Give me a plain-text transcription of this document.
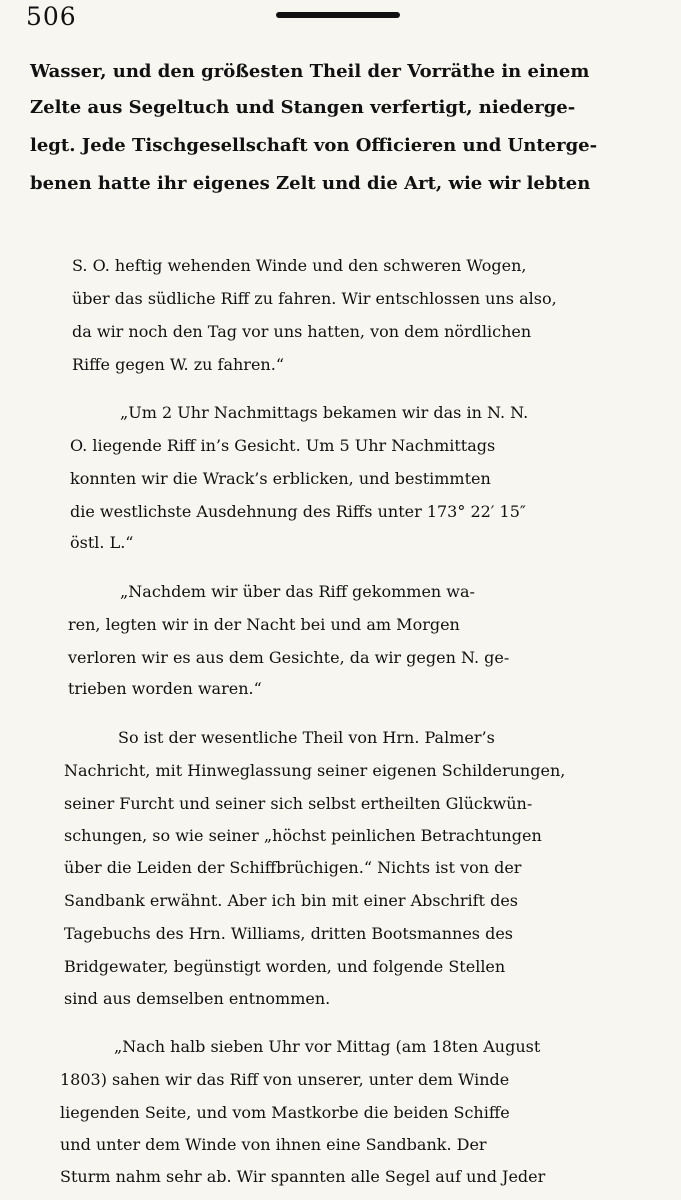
506
Wasser, und den größesten Theil der Vorräthe in einem
Zelte aus Segeltuch und Stangen verfertigt, niederge-
legt. Jede Tischgesellschaft von Officieren und Unterge-
benen hatte ihr eigenes Zelt und die Art, wie wir lebten
S. O. heftig wehenden Winde und den schweren Wogen,
über das südliche Riff zu fahren. Wir entschlossen uns also,
da wir noch den Tag vor uns hatten, von dem nördlichen
Riffe gegen W. zu fahren.“
„Um 2 Uhr Nachmittags bekamen wir das in N. N.
O. liegende Riff in’s Gesicht. Um 5 Uhr Nachmittags
konnten wir die Wrack’s erblicken, und bestimmten
die westlichste Ausdehnung des Riffs unter 173° 22′ 15″
östl. L.“
„Nachdem wir über das Riff gekommen wa-
ren, legten wir in der Nacht bei und am Morgen
verloren wir es aus dem Gesichte, da wir gegen N. ge-
trieben worden waren.“
So ist der wesentliche Theil von Hrn. Palmer’s
Nachricht, mit Hinweglassung seiner eigenen Schilderungen,
seiner Furcht und seiner sich selbst ertheilten Glückwün-
schungen, so wie seiner „höchst peinlichen Betrachtungen
über die Leiden der Schiffbrüchigen.“ Nichts ist von der
Sandbank erwähnt. Aber ich bin mit einer Abschrift des
Tagebuchs des Hrn. Williams, dritten Bootsmannes des
Bridgewater, begünstigt worden, und folgende Stellen
sind aus demselben entnommen.
„Nach halb sieben Uhr vor Mittag (am 18ten August
1803) sahen wir das Riff von unserer, unter dem Winde
liegenden Seite, und vom Mastkorbe die beiden Schiffe
und unter dem Winde von ihnen eine Sandbank. Der
Sturm nahm sehr ab. Wir spannten alle Segel auf und Jeder
